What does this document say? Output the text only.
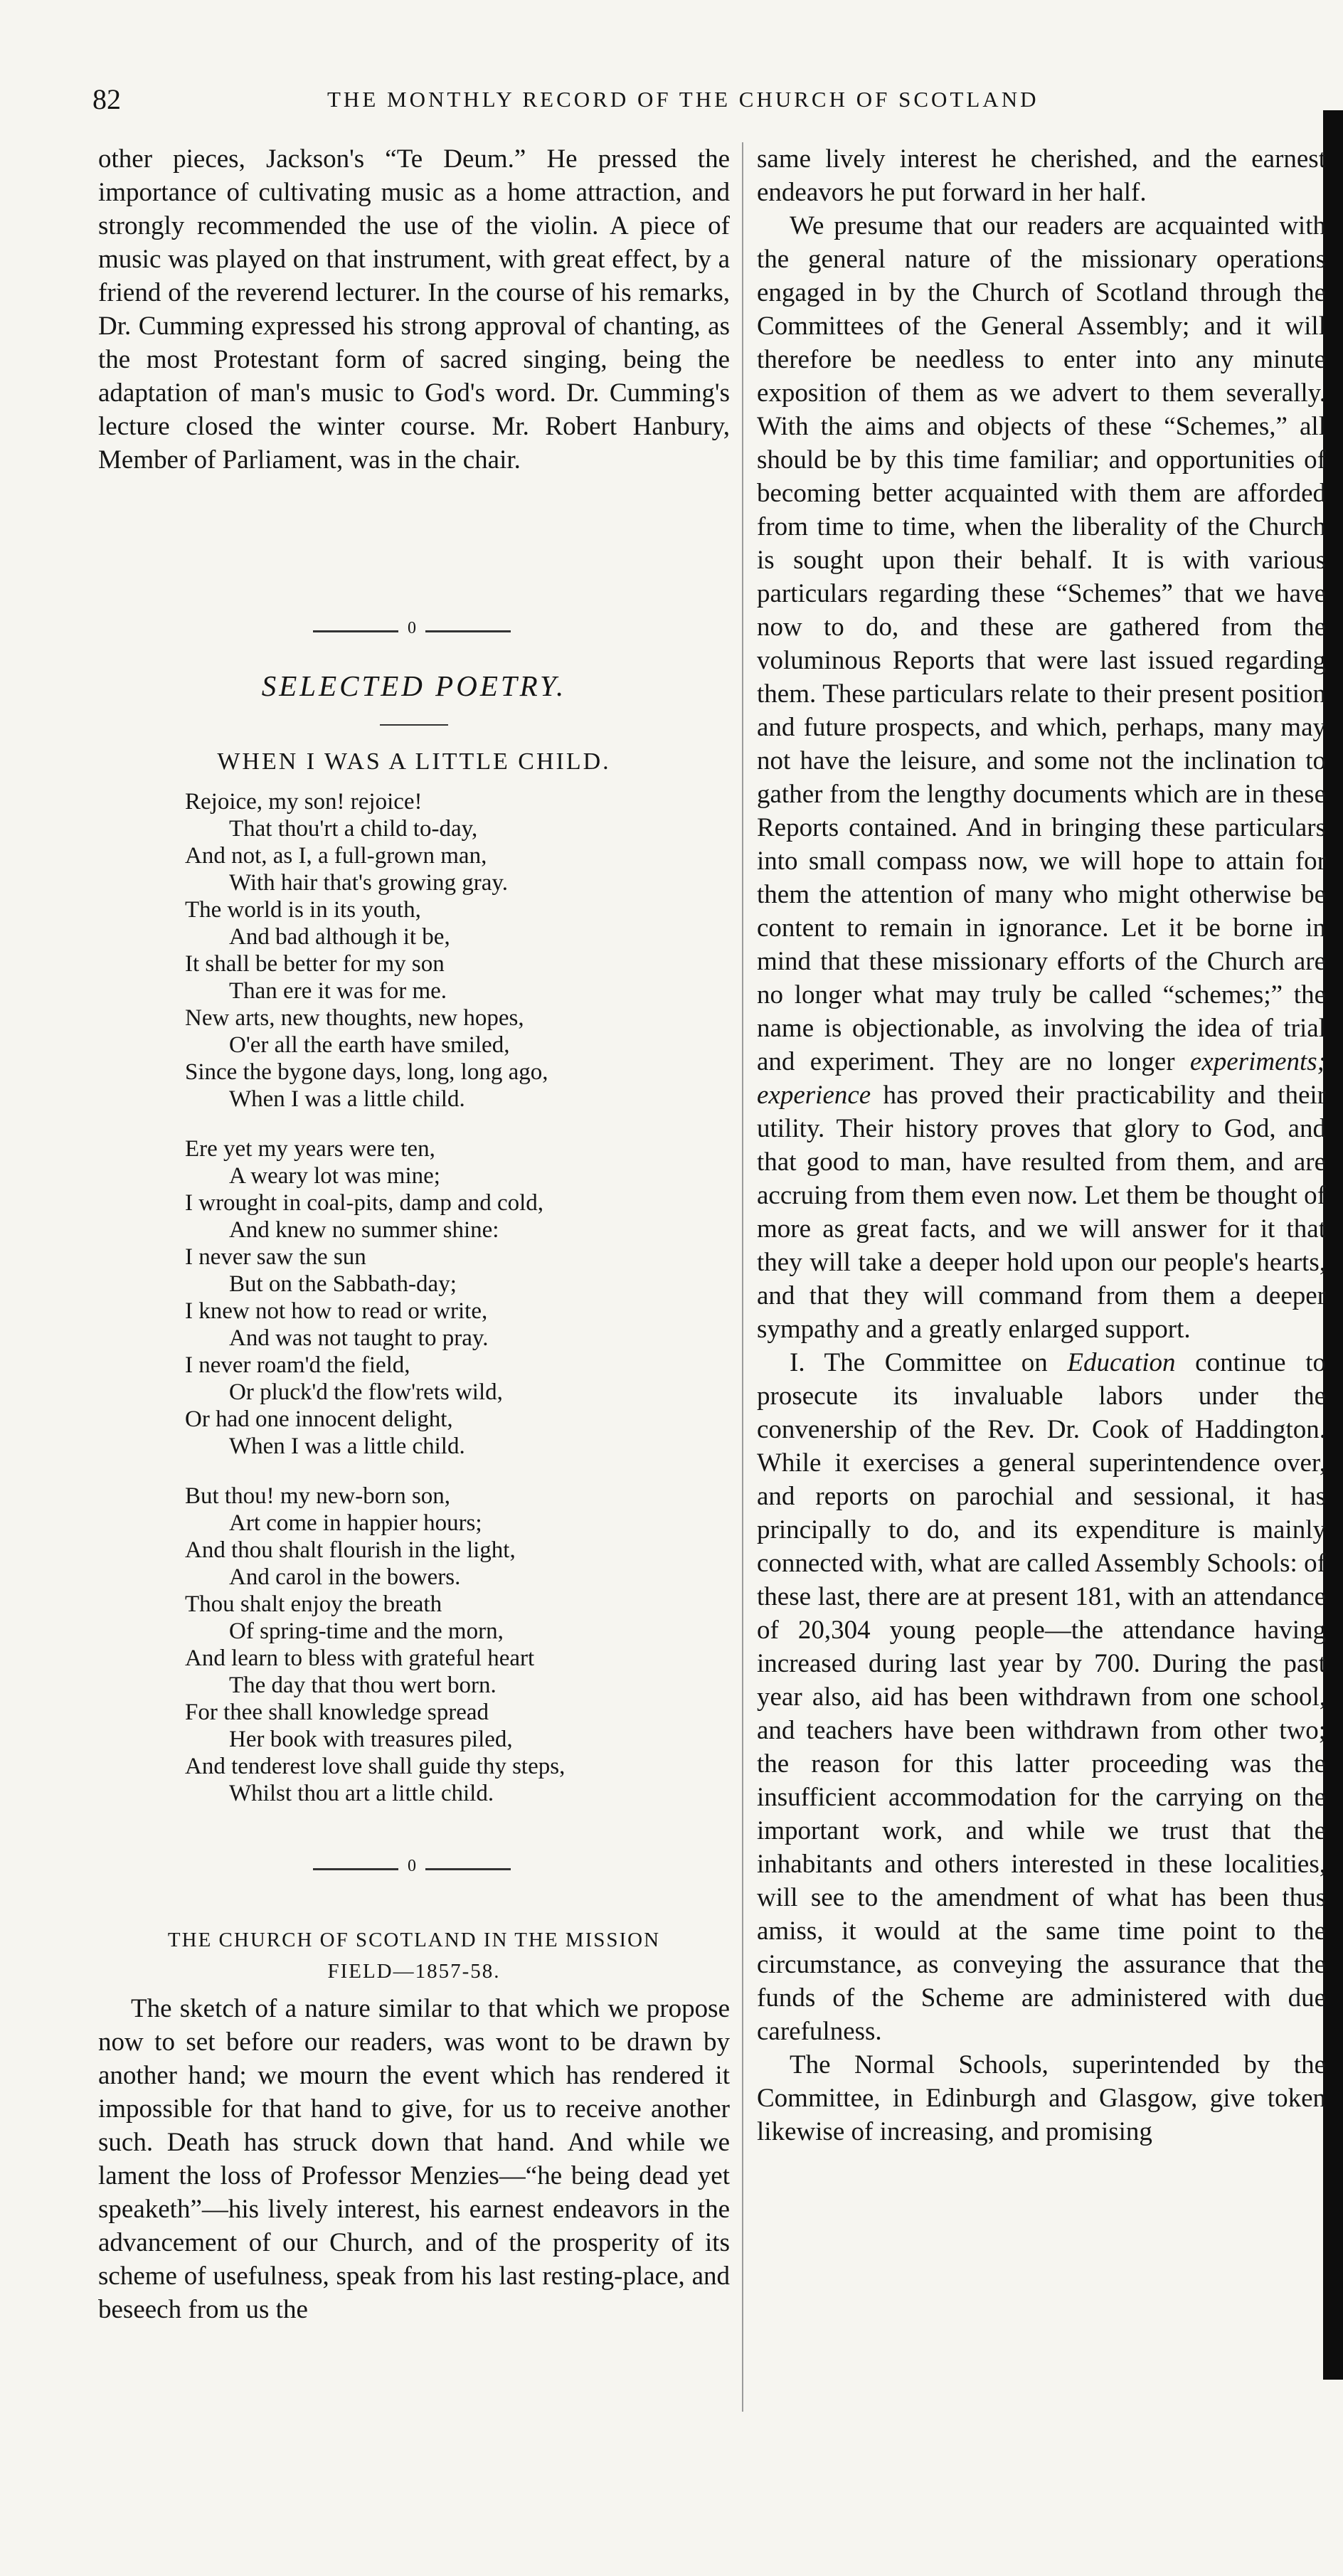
82	THE MONTHLY RECORD OF THE CHURCH OF SCOTLAND

other pieces, Jackson's “Te Deum.” He pressed the importance of cultivating music as a home attraction, and strongly recommended the use of the violin. A piece of music was played on that instrument, with great effect, by a friend of the reverend lecturer. In the course of his remarks, Dr. Cumming expressed his strong approval of chanting, as the most Protestant form of sacred singing, being the adaptation of man's music to God's word. Dr. Cumming's lecture closed the winter course. Mr. Robert Hanbury, Member of Parliament, was in the chair.

0
SELECTED POETRY.
WHEN I WAS A LITTLE CHILD.
Rejoice, my son! rejoice!
That thou'rt a child to-day,
And not, as I, a full-grown man,
With hair that's growing gray.
The world is in its youth,
And bad although it be,
It shall be better for my son
Than ere it was for me.
New arts, new thoughts, new hopes,
O'er all the earth have smiled,
Since the bygone days, long, long ago,
When I was a little child.
Ere yet my years were ten,
A weary lot was mine;
I wrought in coal-pits, damp and cold,
And knew no summer shine:
I never saw the sun
But on the Sabbath-day;
I knew not how to read or write,
And was not taught to pray.
I never roam'd the field,
Or pluck'd the flow'rets wild,
Or had one innocent delight,
When I was a little child.
But thou! my new-born son,
Art come in happier hours;
And thou shalt flourish in the light,
And carol in the bowers.
Thou shalt enjoy the breath
Of spring-time and the morn,
And learn to bless with grateful heart
The day that thou wert born.
For thee shall knowledge spread
Her book with treasures piled,
And tenderest love shall guide thy steps,
Whilst thou art a little child.
0
THE CHURCH OF SCOTLAND IN THE MISSION
FIELD—1857-58.

The sketch of a nature similar to that which we propose now to set before our readers, was wont to be drawn by another hand; we mourn the event which has rendered it impossible for that hand to give, for us to receive another such. Death has struck down that hand. And while we lament the loss of Professor Menzies—“he being dead yet speaketh”—his lively interest, his earnest endeavors in the advancement of our Church, and of the prosperity of its scheme of usefulness, speak from his last resting-place, and beseech from us the

same lively interest he cherished, and the earnest endeavors he put forward in her half.

We presume that our readers are acquainted with the general nature of the missionary operations engaged in by the Church of Scotland through the Committees of the General Assembly; and it will therefore be needless to enter into any minute exposition of them as we advert to them severally. With the aims and objects of these “Schemes,” all should be by this time familiar; and opportunities of becoming better acquainted with them are afforded from time to time, when the liberality of the Church is sought upon their behalf. It is with various particulars regarding these “Schemes” that we have now to do, and these are gathered from the voluminous Reports that were last issued regarding them. These particulars relate to their present position and future prospects, and which, perhaps, many may not have the leisure, and some not the inclination to gather from the lengthy documents which are in these Reports contained. And in bringing these particulars into small compass now, we will hope to attain for them the attention of many who might otherwise be content to remain in ignorance. Let it be borne in mind that these missionary efforts of the Church are no longer what may truly be called “schemes;” the name is objectionable, as involving the idea of trial and experiment. They are no longer experiments; experience has proved their practicability and their utility. Their history proves that glory to God, and that good to man, have resulted from them, and are accruing from them even now. Let them be thought of more as great facts, and we will answer for it that they will take a deeper hold upon our people's hearts, and that they will command from them a deeper sympathy and a greatly enlarged support.

I. The Committee on Education continue to prosecute its invaluable labors under the convenership of the Rev. Dr. Cook of Haddington. While it exercises a general superintendence over, and reports on parochial and sessional, it has principally to do, and its expenditure is mainly connected with, what are called Assembly Schools: of these last, there are at present 181, with an attendance of 20,304 young people—the attendance having increased during last year by 700. During the past year also, aid has been withdrawn from one school, and teachers have been withdrawn from other two; the reason for this latter proceeding was the insufficient accommodation for the carrying on the important work, and while we trust that the inhabitants and others interested in these localities, will see to the amendment of what has been thus amiss, it would at the same time point to the circumstance, as conveying the assurance that the funds of the Scheme are administered with due carefulness.

The Normal Schools, superintended by the Committee, in Edinburgh and Glasgow, give token likewise of increasing, and promising
